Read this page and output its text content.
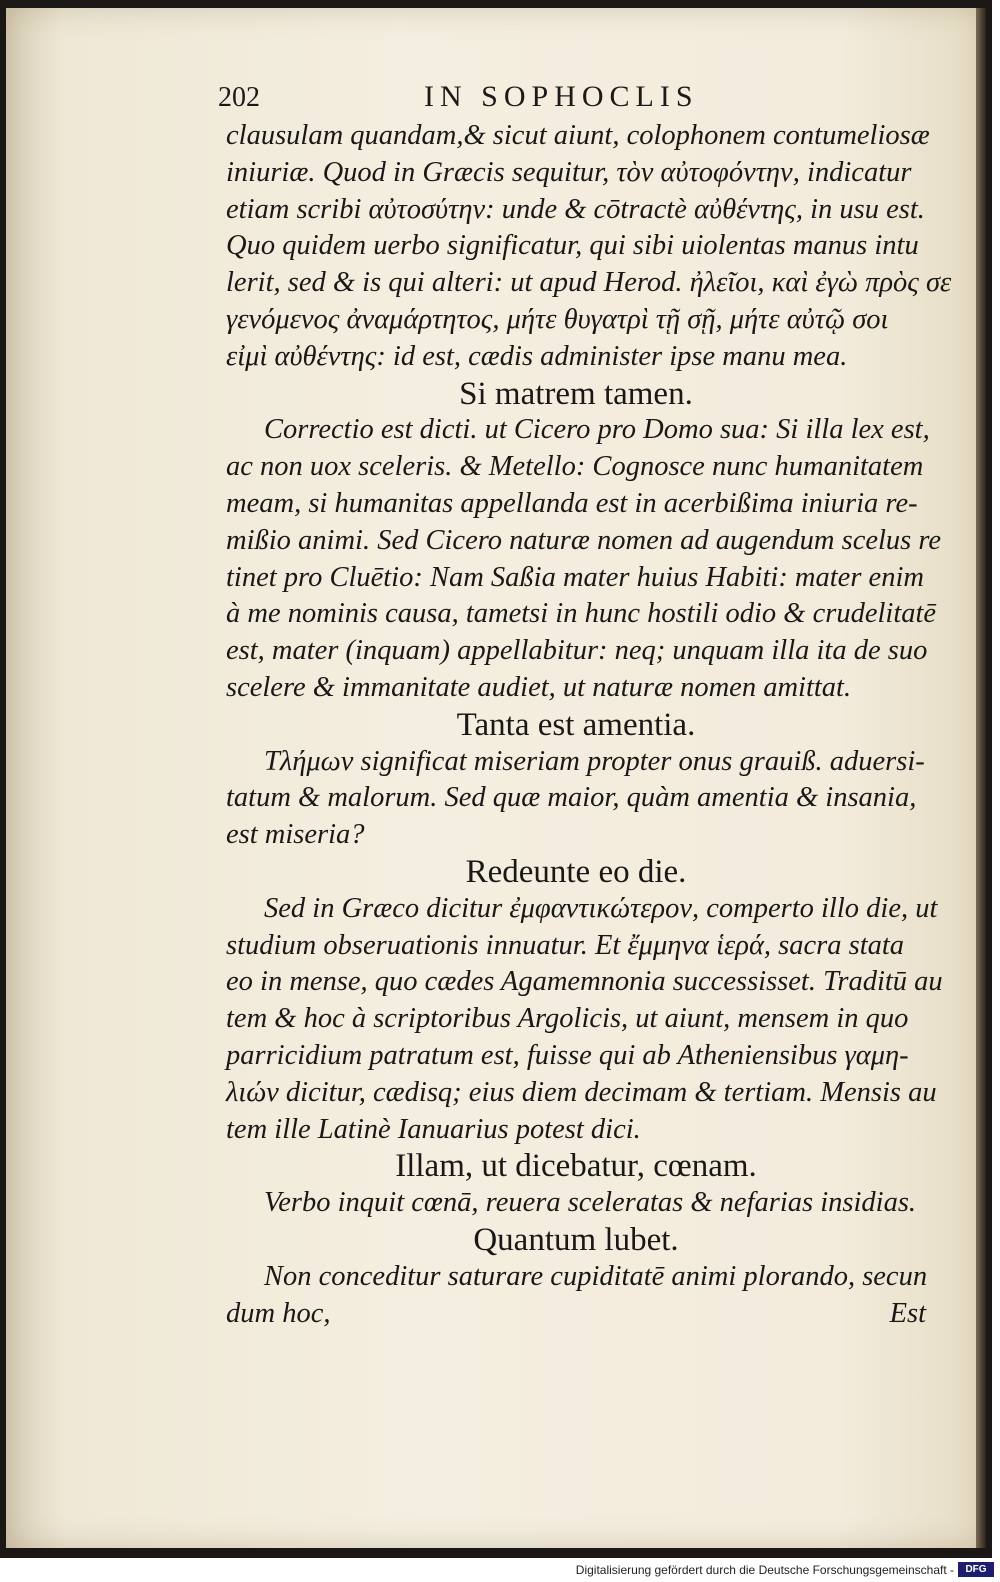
202	IN SOPHOCLIS
clausulam quandam,& sicut aiunt, colophonem contumeliosæ
iniuriæ. Quod in Græcis sequitur, τὸν αὐτοφόντην, indicatur
etiam scribi αὐτοσύτην: unde & cōtractè αὐθέντης, in usu est.
Quo quidem uerbo significatur, qui sibi uiolentas manus intu
lerit, sed & is qui alteri: ut apud Herod. ἠλεῖοι, καὶ ἐγὼ πρὸς σε
γενόμενος ἀναμάρτητος, μήτε θυγατρὶ τῇ σῇ, μήτε αὐτῷ σοι
εἰμὶ αὐθέντης: id est, cædis administer ipse manu mea.
Si matrem tamen.
Correctio est dicti. ut Cicero pro Domo sua: Si illa lex est,
ac non uox sceleris. & Metello: Cognosce nunc humanitatem
meam, si humanitas appellanda est in acerbißima iniuria re-
mißio animi. Sed Cicero naturæ nomen ad augendum scelus re
tinet pro Cluētio: Nam Saßia mater huius Habiti: mater enim
à me nominis causa, tametsi in hunc hostili odio & crudelitatē
est, mater (inquam) appellabitur: neq; unquam illa ita de suo
scelere & immanitate audiet, ut naturæ nomen amittat.
Tanta est amentia.
Τλήμων significat miseriam propter onus grauiß. aduersi-
tatum & malorum. Sed quæ maior, quàm amentia & insania,
est miseria?
Redeunte eo die.
Sed in Græco dicitur ἐμφαντικώτερον, comperto illo die, ut
studium obseruationis innuatur. Et ἔμμηνα ἱερά, sacra stata
eo in mense, quo cædes Agamemnonia successisset. Traditū au
tem & hoc à scriptoribus Argolicis, ut aiunt, mensem in quo
parricidium patratum est, fuisse qui ab Atheniensibus γαμη-
λιών dicitur, cædisq; eius diem decimam & tertiam. Mensis au
tem ille Latinè Ianuarius potest dici.
Illam, ut dicebatur, cœnam.
Verbo inquit cœnā, reuera sceleratas & nefarias insidias.
Quantum lubet.
Non conceditur saturare cupiditatē animi plorando, secun
dum hoc,	Est
Digitalisierung gefördert durch die Deutsche Forschungsgemeinschaft -	DFG
